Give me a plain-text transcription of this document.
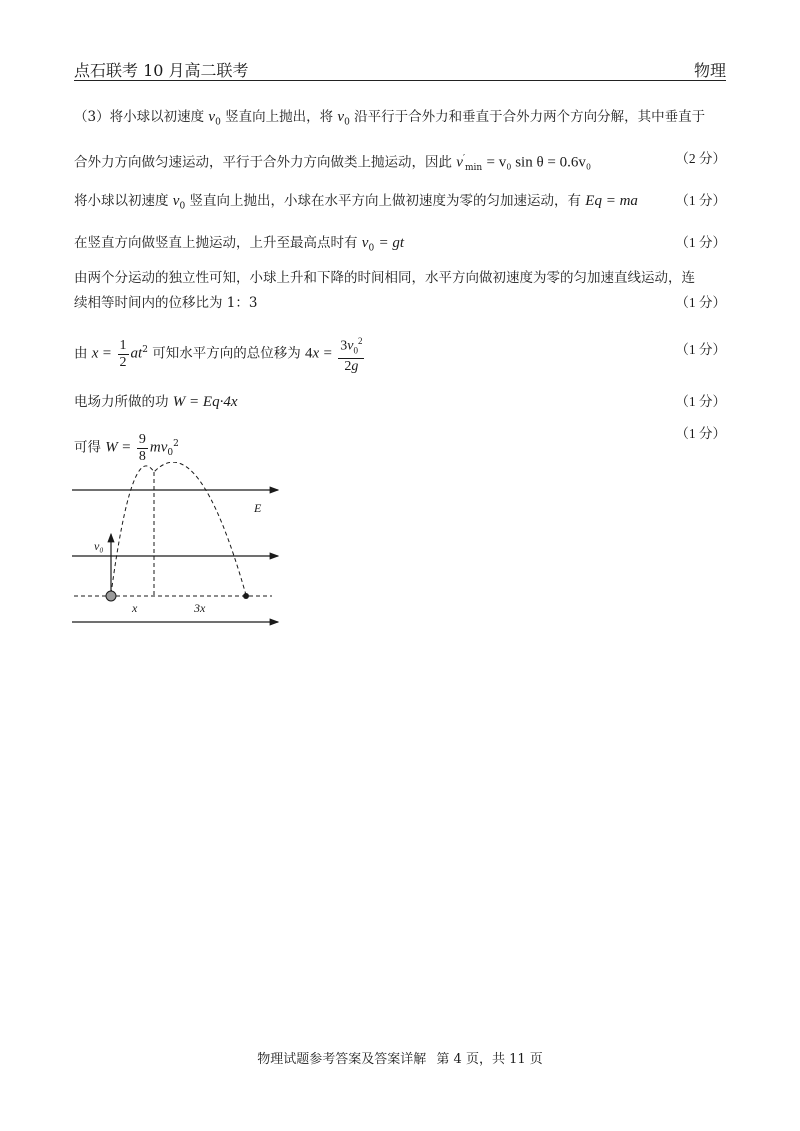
点石联考 10 月高二联考	物理
（3）将小球以初速度 $v_0$ 竖直向上抛出，将 $v_0$ 沿平行于合外力和垂直于合外力两个方向分解，其中垂直于
合外力方向做匀速运动，平行于合外力方向做类上抛运动，因此 $v'_{min} = v_0$ sin θ = 0.6v₀	（2 分）
将小球以初速度 $v_0$ 竖直向上抛出，小球在水平方向上做初速度为零的匀加速运动，有 Eq = ma	（1 分）
在竖直方向做竖直上抛运动，上升至最高点时有 $v_0$ = gt	（1 分）
由两个分运动的独立性可知，小球上升和下降的时间相同，水平方向做初速度为零的匀加速直线运动，连
续相等时间内的位移比为 1：3	（1 分）
由 $x = \frac{1}{2} at^2$ 可知水平方向的总位移为 $4x = \frac{3v_0^2}{2g}$	（1 分）
电场力所做的功 W = Eq·4x	（1 分）
可得 $W = \frac{9}{8} mv_0^2$
（1 分）
E
v₀
x	3x
物理试题参考答案及答案详解 第 4 页，共 11 页
